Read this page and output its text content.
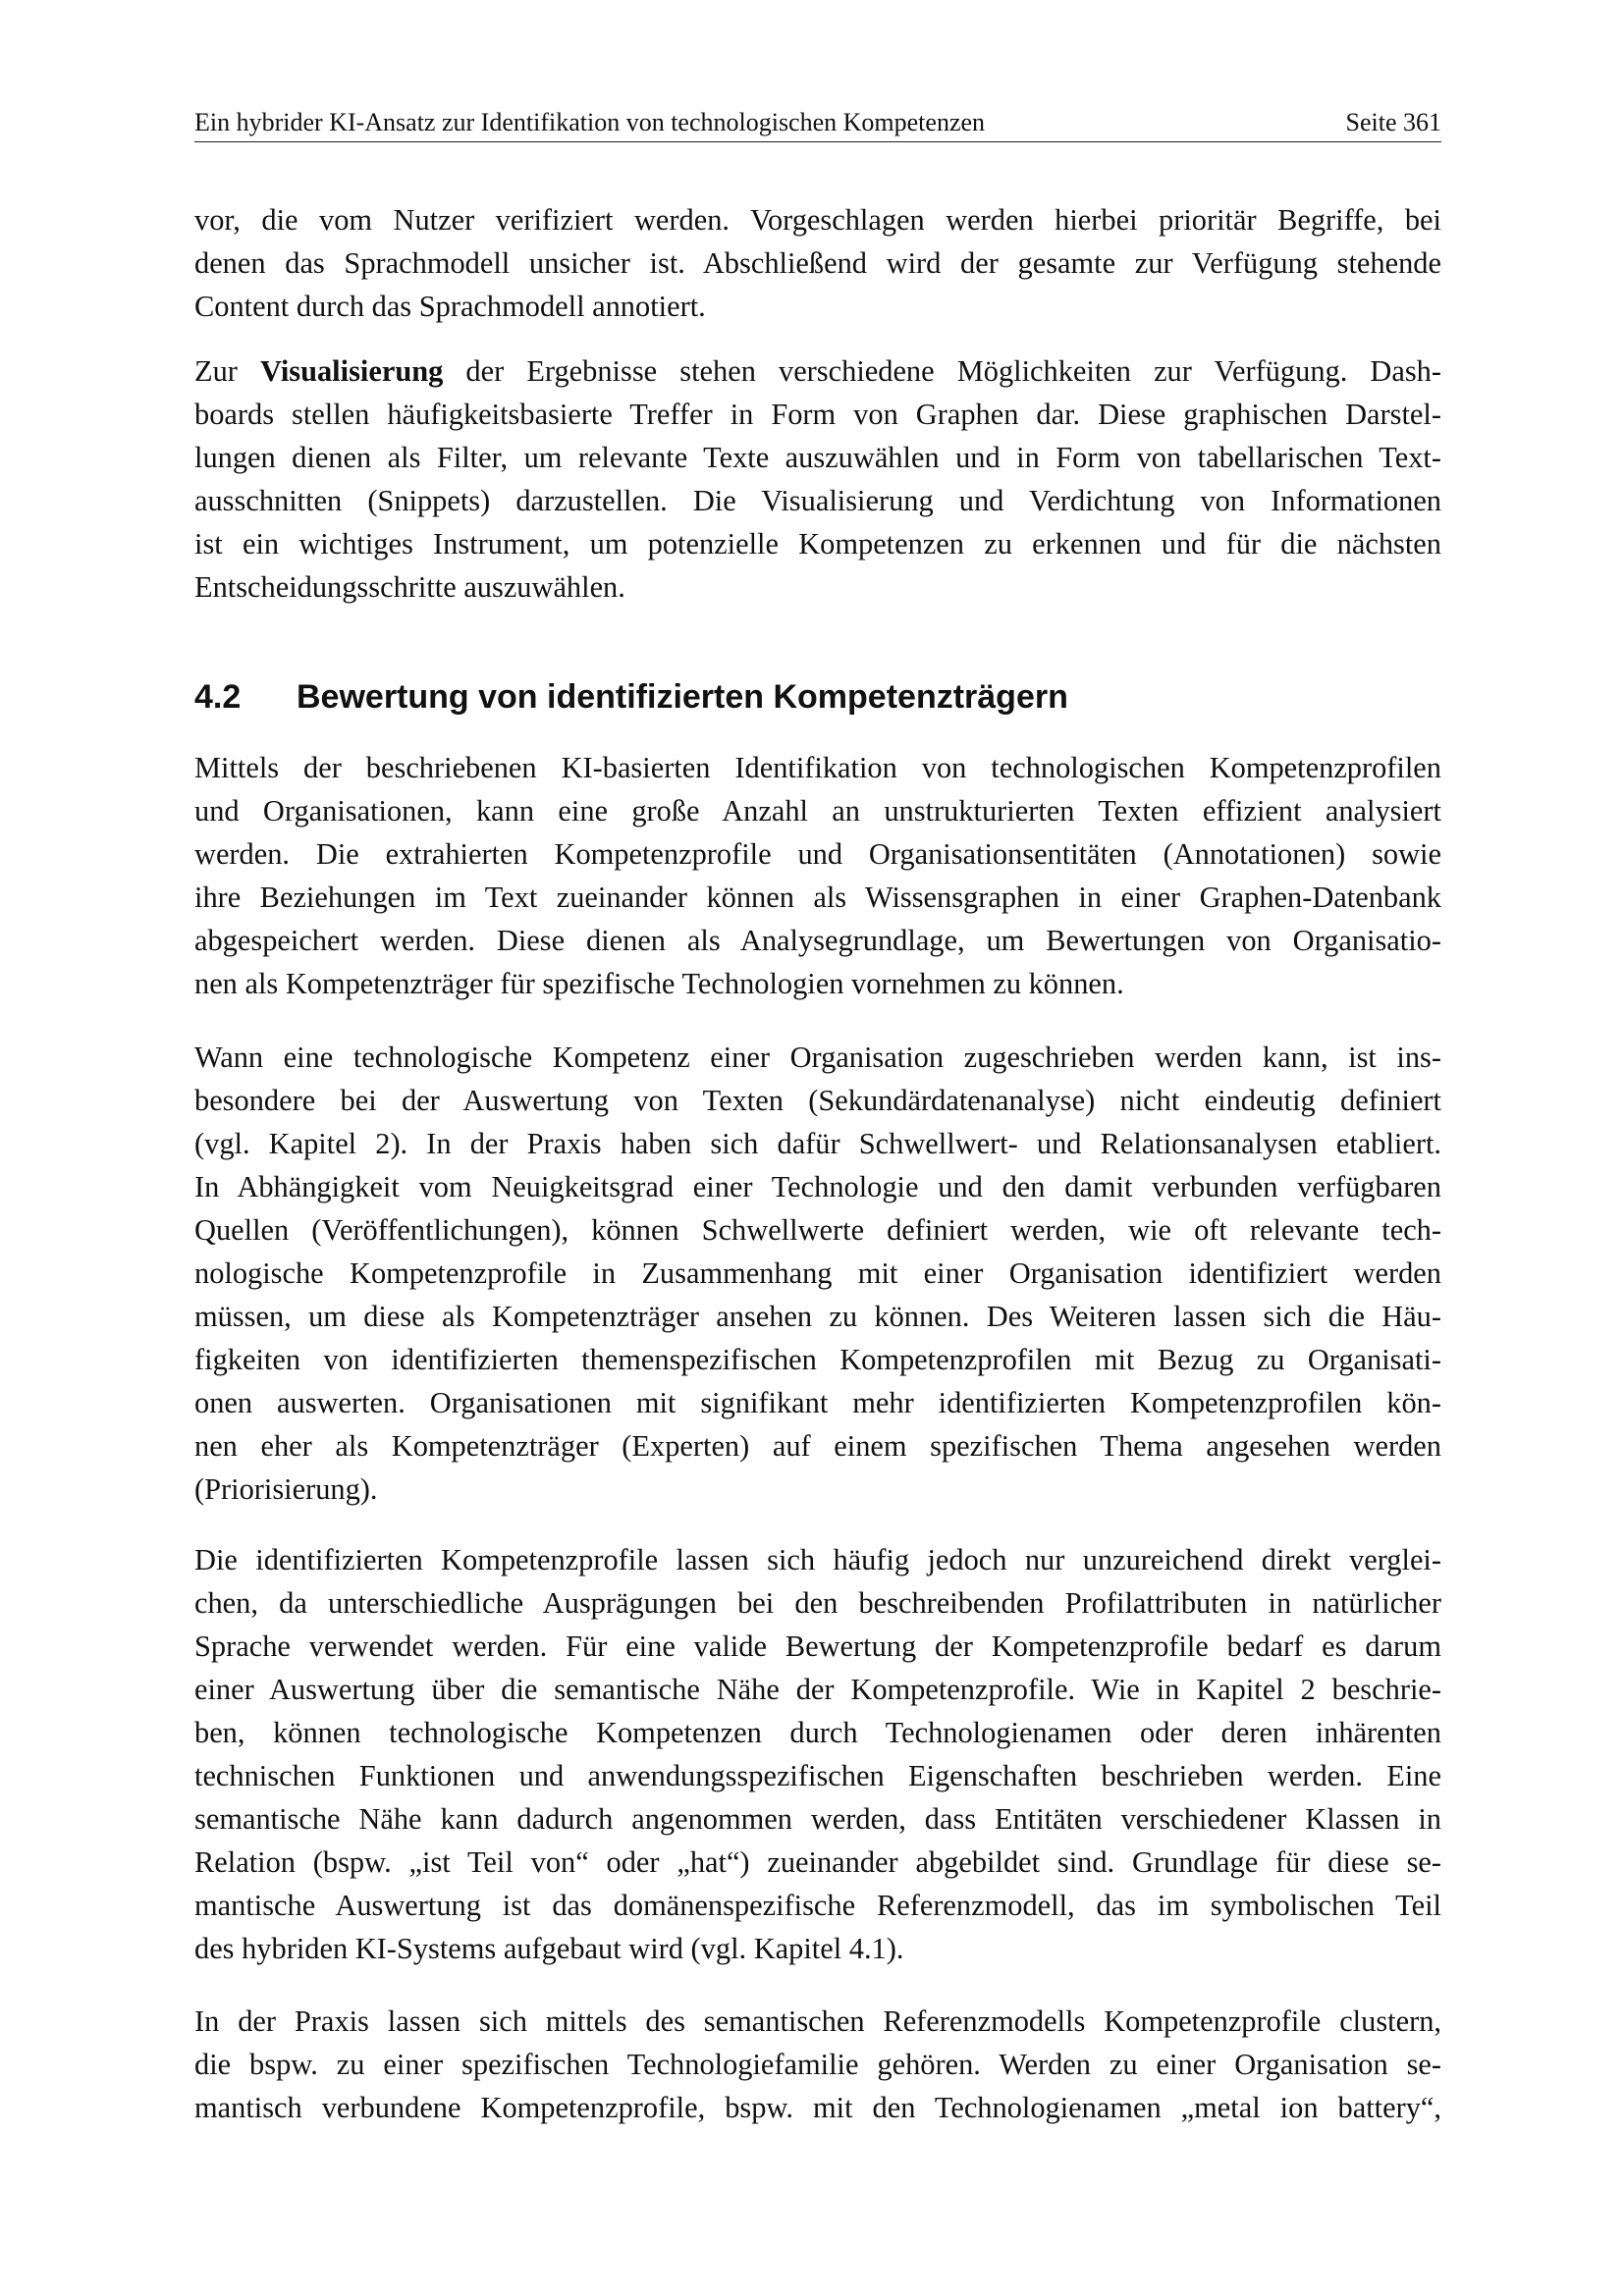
Ein hybrider KI-Ansatz zur Identifikation von technologischen Kompetenzen	Seite 361
vor, die vom Nutzer verifiziert werden. Vorgeschlagen werden hierbei prioritär Begriffe, bei
denen das Sprachmodell unsicher ist. Abschließend wird der gesamte zur Verfügung stehende
Content durch das Sprachmodell annotiert.
Zur Visualisierung der Ergebnisse stehen verschiedene Möglichkeiten zur Verfügung. Dash-
boards stellen häufigkeitsbasierte Treffer in Form von Graphen dar. Diese graphischen Darstel-
lungen dienen als Filter, um relevante Texte auszuwählen und in Form von tabellarischen Text-
ausschnitten (Snippets) darzustellen. Die Visualisierung und Verdichtung von Informationen
ist ein wichtiges Instrument, um potenzielle Kompetenzen zu erkennen und für die nächsten
Entscheidungsschritte auszuwählen.
4.2 Bewertung von identifizierten Kompetenzträgern
Mittels der beschriebenen KI-basierten Identifikation von technologischen Kompetenzprofilen
und Organisationen, kann eine große Anzahl an unstrukturierten Texten effizient analysiert
werden. Die extrahierten Kompetenzprofile und Organisationsentitäten (Annotationen) sowie
ihre Beziehungen im Text zueinander können als Wissensgraphen in einer Graphen-Datenbank
abgespeichert werden. Diese dienen als Analysegrundlage, um Bewertungen von Organisatio-
nen als Kompetenzträger für spezifische Technologien vornehmen zu können.
Wann eine technologische Kompetenz einer Organisation zugeschrieben werden kann, ist ins-
besondere bei der Auswertung von Texten (Sekundärdatenanalyse) nicht eindeutig definiert
(vgl. Kapitel 2). In der Praxis haben sich dafür Schwellwert- und Relationsanalysen etabliert.
In Abhängigkeit vom Neuigkeitsgrad einer Technologie und den damit verbunden verfügbaren
Quellen (Veröffentlichungen), können Schwellwerte definiert werden, wie oft relevante tech-
nologische Kompetenzprofile in Zusammenhang mit einer Organisation identifiziert werden
müssen, um diese als Kompetenzträger ansehen zu können. Des Weiteren lassen sich die Häu-
figkeiten von identifizierten themenspezifischen Kompetenzprofilen mit Bezug zu Organisati-
onen auswerten. Organisationen mit signifikant mehr identifizierten Kompetenzprofilen kön-
nen eher als Kompetenzträger (Experten) auf einem spezifischen Thema angesehen werden
(Priorisierung).
Die identifizierten Kompetenzprofile lassen sich häufig jedoch nur unzureichend direkt verglei-
chen, da unterschiedliche Ausprägungen bei den beschreibenden Profilattributen in natürlicher
Sprache verwendet werden. Für eine valide Bewertung der Kompetenzprofile bedarf es darum
einer Auswertung über die semantische Nähe der Kompetenzprofile. Wie in Kapitel 2 beschrie-
ben, können technologische Kompetenzen durch Technologienamen oder deren inhärenten
technischen Funktionen und anwendungsspezifischen Eigenschaften beschrieben werden. Eine
semantische Nähe kann dadurch angenommen werden, dass Entitäten verschiedener Klassen in
Relation (bspw. „ist Teil von“ oder „hat“) zueinander abgebildet sind. Grundlage für diese se-
mantische Auswertung ist das domänenspezifische Referenzmodell, das im symbolischen Teil
des hybriden KI-Systems aufgebaut wird (vgl. Kapitel 4.1).
In der Praxis lassen sich mittels des semantischen Referenzmodells Kompetenzprofile clustern,
die bspw. zu einer spezifischen Technologiefamilie gehören. Werden zu einer Organisation se-
mantisch verbundene Kompetenzprofile, bspw. mit den Technologienamen „metal ion battery“,
